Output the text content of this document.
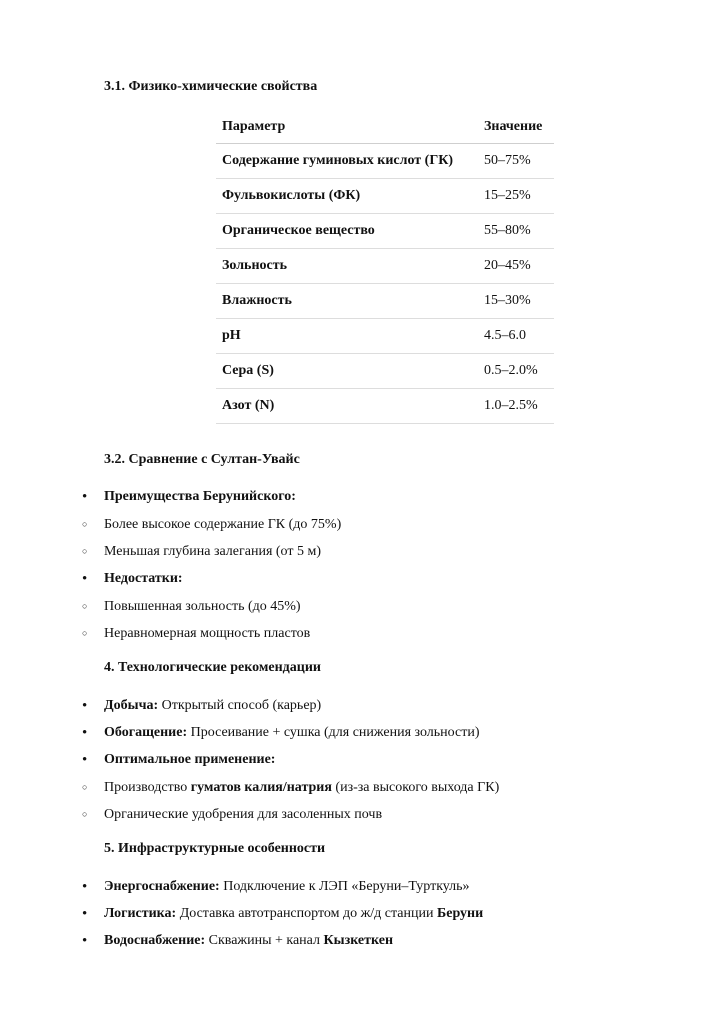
3.1. Физико-химические свойства
Параметр	Значение
Содержание гуминовых кислот (ГК)	50–75%
Фульвокислоты (ФК)	15–25%
Органическое вещество	55–80%
Зольность	20–45%
Влажность	15–30%
pH	4.5–6.0
Сера (S)	0.5–2.0%
Азот (N)	1.0–2.5%
3.2. Сравнение с Султан-Увайс
•
Преимущества Берунийского:
○
Более высокое содержание ГК (до 75%)
○
Меньшая глубина залегания (от 5 м)
•
Недостатки:
○
Повышенная зольность (до 45%)
○
Неравномерная мощность пластов
4. Технологические рекомендации
•
Добыча: Открытый способ (карьер)
•
Обогащение: Просеивание + сушка (для снижения зольности)
•
Оптимальное применение:
○
Производство гуматов калия/натрия (из-за высокого выхода ГК)
○
Органические удобрения для засоленных почв
5. Инфраструктурные особенности
•
Энергоснабжение: Подключение к ЛЭП «Беруни–Турткуль»
•
Логистика: Доставка автотранспортом до ж/д станции Беруни
•
Водоснабжение: Скважины + канал Кызкеткен
